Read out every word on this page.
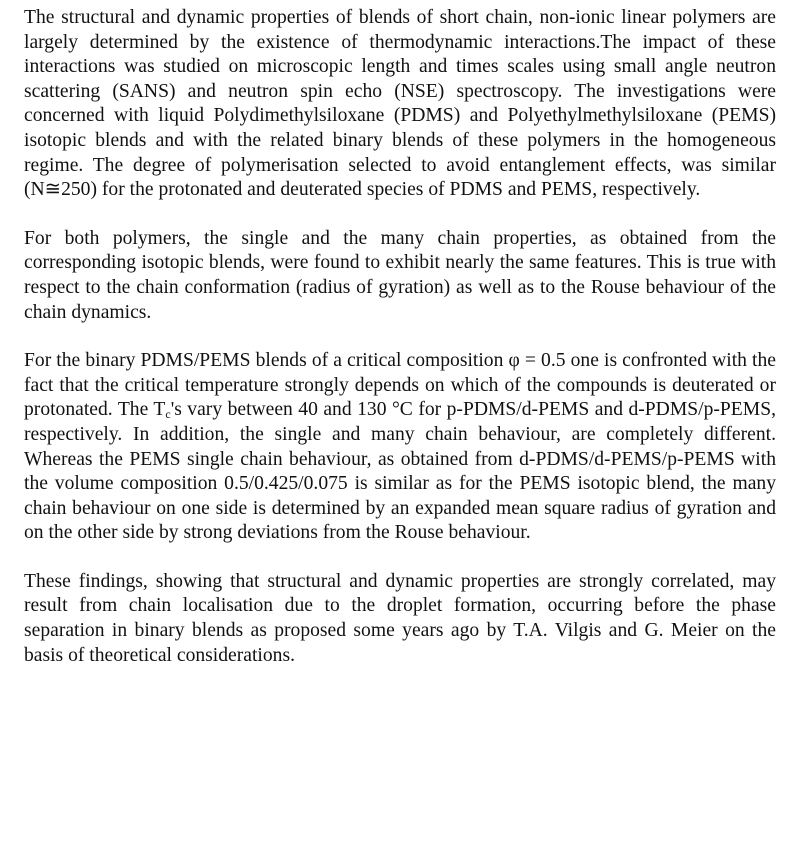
The structural and dynamic properties of blends of short chain, non-ionic linear polymers are largely determined by the existence of thermodynamic interactions.The impact of these interactions was studied on microscopic length and times scales using small angle neutron scattering (SANS) and neutron spin echo (NSE) spectroscopy. The investigations were concerned with liquid Polydimethylsiloxane (PDMS) and Polyethylmethylsiloxane (PEMS) isotopic blends and with the related binary blends of these polymers in the homogeneous regime. The degree of polymerisation selected to avoid entanglement effects, was similar (N≅250) for the protonated and deuterated species of PDMS and PEMS, respectively.

For both polymers, the single and the many chain properties, as obtained from the corresponding isotopic blends, were found to exhibit nearly the same features. This is true with respect to the chain conformation (radius of gyration) as well as to the Rouse behaviour of the chain dynamics.

For the binary PDMS/PEMS blends of a critical composition φ = 0.5 one is confronted with the fact that the critical temperature strongly depends on which of the compounds is deuterated or protonated. The $T_c's$ vary between 40 and 130 °C for p-PDMS/d-PEMS and d-PDMS/p-PEMS, respectively. In addition, the single and many chain behaviour, are completely different. Whereas the PEMS single chain behaviour, as obtained from d-PDMS/d-PEMS/p-PEMS with the volume composition 0.5/0.425/0.075 is similar as for the PEMS isotopic blend, the many chain behaviour on one side is determined by an expanded mean square radius of gyration and on the other side by strong deviations from the Rouse behaviour.

These findings, showing that structural and dynamic properties are strongly correlated, may result from chain localisation due to the droplet formation, occurring before the phase separation in binary blends as proposed some years ago by T.A. Vilgis and G. Meier on the basis of theoretical considerations.
